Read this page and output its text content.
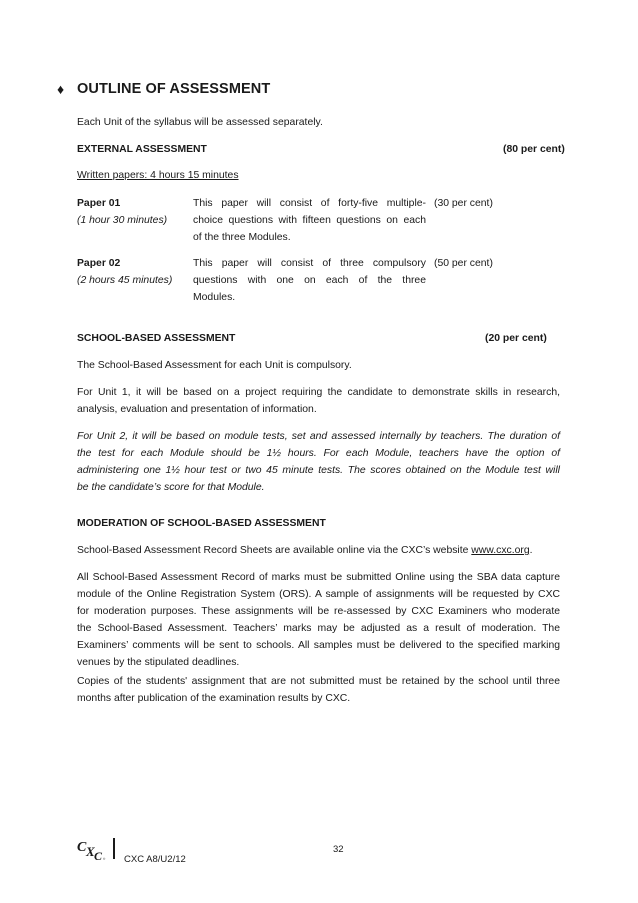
♦ OUTLINE OF ASSESSMENT
Each Unit of the syllabus will be assessed separately.
EXTERNAL ASSESSMENT	(80 per cent)
Written papers: 4 hours 15 minutes
Paper 01
(1 hour 30 minutes)
This paper will consist of forty-five multiple-
choice questions with fifteen questions on each
of the three Modules.
(30 per cent)
Paper 02
(2 hours 45 minutes)
This paper will consist of three compulsory
questions with one on each of the three
Modules.
(50 per cent)
SCHOOL-BASED ASSESSMENT	(20 per cent)
The School-Based Assessment for each Unit is compulsory.
For Unit 1, it will be based on a project requiring the candidate to demonstrate skills in research,
analysis, evaluation and presentation of information.
For Unit 2, it will be based on module tests, set and assessed internally by teachers. The duration of
the test for each Module should be 1½ hours. For each Module, teachers have the option of
administering one 1½ hour test or two 45 minute tests. The scores obtained on the Module test will
be the candidate’s score for that Module.
MODERATION OF SCHOOL-BASED ASSESSMENT
School-Based Assessment Record Sheets are available online via the CXC’s website www.cxc.org.
All School-Based Assessment Record of marks must be submitted Online using the SBA data capture
module of the Online Registration System (ORS). A sample of assignments will be requested by CXC
for moderation purposes. These assignments will be re-assessed by CXC Examiners who moderate
the School-Based Assessment. Teachers’ marks may be adjusted as a result of moderation. The
Examiners’ comments will be sent to schools. All samples must be delivered to the specified marking
venues by the stipulated deadlines.
Copies of the students' assignment that are not submitted must be retained by the school until three
months after publication of the examination results by CXC.
C X C ® CXC A8/U2/12
32
